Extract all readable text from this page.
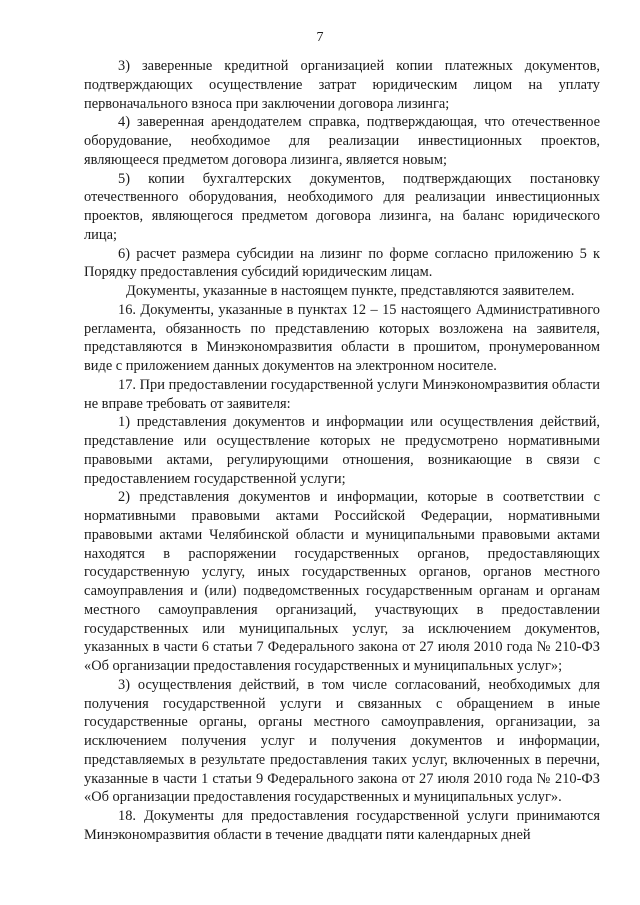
7

3) заверенные кредитной организацией копии платежных документов, подтверждающих осуществление затрат юридическим лицом на уплату первоначального взноса при заключении договора лизинга;

4) заверенная арендодателем справка, подтверждающая, что отечественное оборудование, необходимое для реализации инвестиционных проектов, являющееся предметом договора лизинга, является новым;

5) копии бухгалтерских документов, подтверждающих постановку отечественного оборудования, необходимого для реализации инвестиционных проектов, являющегося предметом договора лизинга, на баланс юридического лица;

6) расчет размера субсидии на лизинг по форме согласно приложению 5 к Порядку предоставления субсидий юридическим лицам.

Документы, указанные в настоящем пункте, представляются заявителем.

16. Документы, указанные в пунктах 12 – 15 настоящего Административного регламента, обязанность по представлению которых возложена на заявителя, представляются в Минэкономразвития области в прошитом, пронумерованном виде с приложением данных документов на электронном носителе.

17. При предоставлении государственной услуги Минэкономразвития области не вправе требовать от заявителя:

1) представления документов и информации или осуществления действий, представление или осуществление которых не предусмотрено нормативными правовыми актами, регулирующими отношения, возникающие в связи с предоставлением государственной услуги;

2) представления документов и информации, которые в соответствии с нормативными правовыми актами Российской Федерации, нормативными правовыми актами Челябинской области и муниципальными правовыми актами находятся в распоряжении государственных органов, предоставляющих государственную услугу, иных государственных органов, органов местного самоуправления и (или) подведомственных государственным органам и органам местного самоуправления организаций, участвующих в предоставлении государственных или муниципальных услуг, за исключением документов, указанных в части 6 статьи 7 Федерального закона от 27 июля 2010 года № 210-ФЗ «Об организации предоставления государственных и муниципальных услуг»;

3) осуществления действий, в том числе согласований, необходимых для получения государственной услуги и связанных с обращением в иные государственные органы, органы местного самоуправления, организации, за исключением получения услуг и получения документов и информации, представляемых в результате предоставления таких услуг, включенных в перечни, указанные в части 1 статьи 9 Федерального закона от 27 июля 2010 года № 210-ФЗ «Об организации предоставления государственных и муниципальных услуг».

18. Документы для предоставления государственной услуги принимаются Минэкономразвития области в течение двадцати пяти календарных дней
